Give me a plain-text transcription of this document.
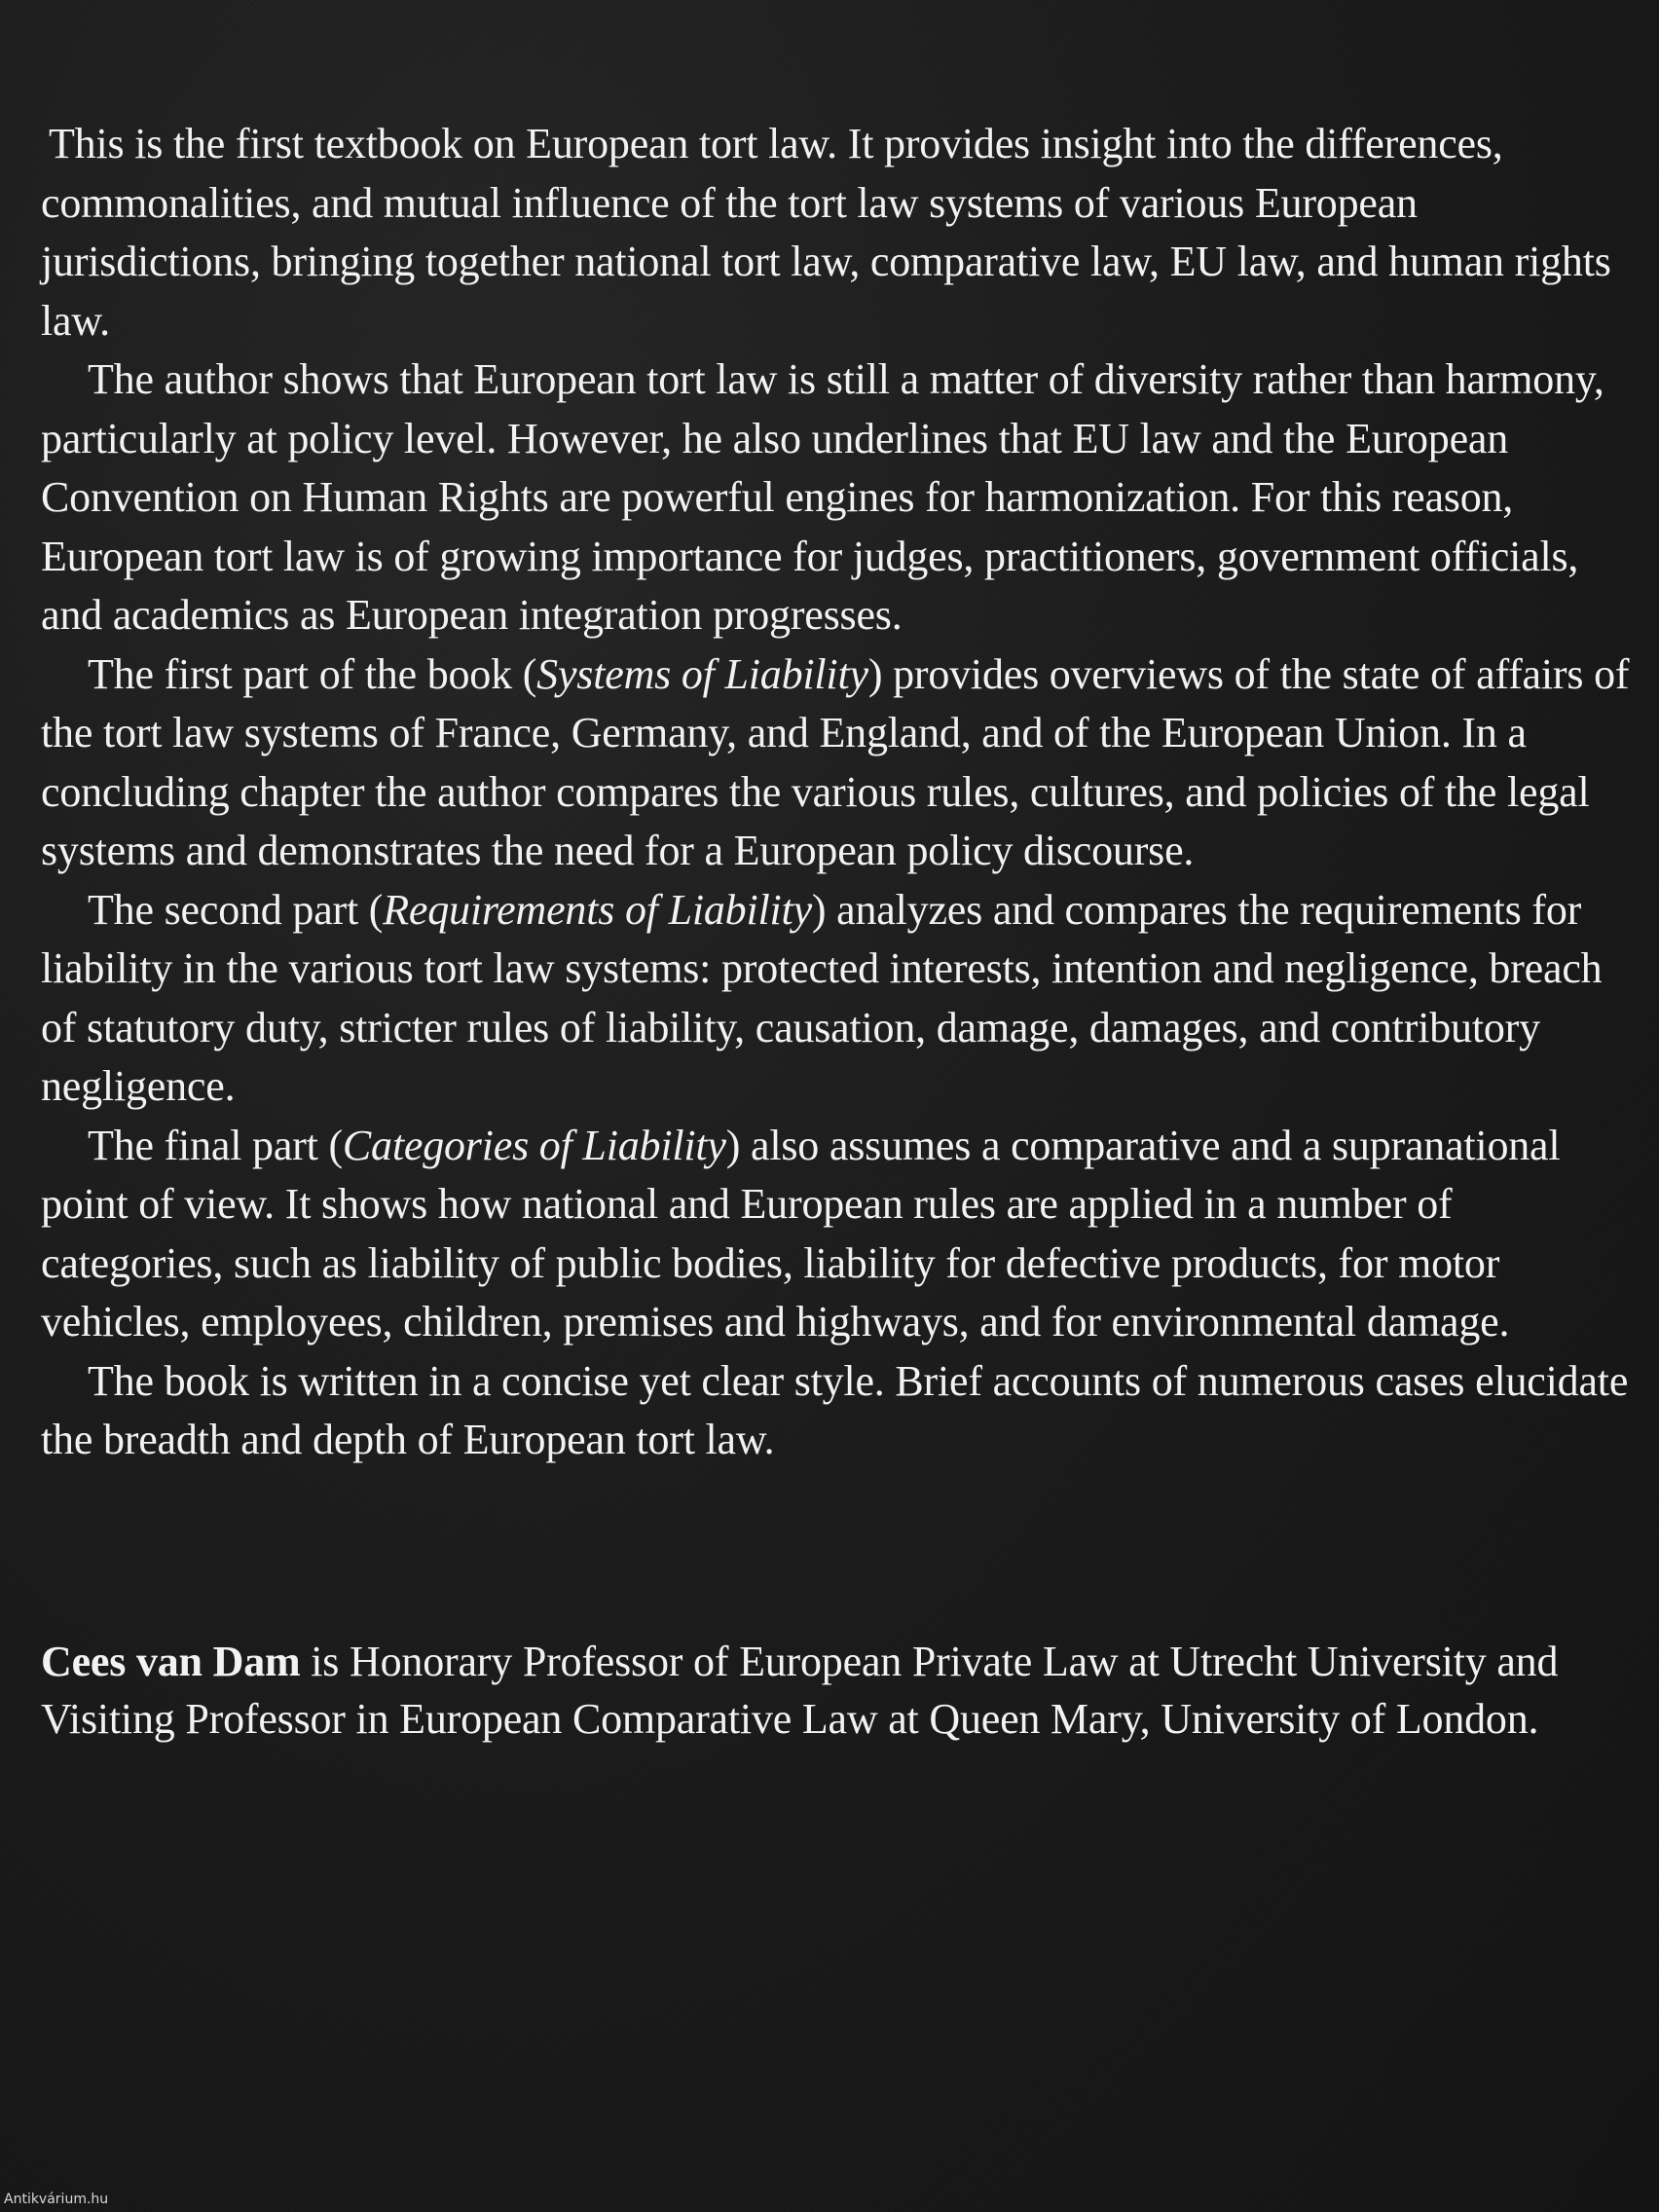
This is the first textbook on European tort law. It provides insight into the differences, commonalities, and mutual influence of the tort law systems of various European jurisdictions, bringing together national tort law, comparative law, EU law, and human rights law.

The author shows that European tort law is still a matter of diversity rather than harmony, particularly at policy level. However, he also underlines that EU law and the European Convention on Human Rights are powerful engines for harmonization. For this reason, European tort law is of growing importance for judges, practitioners, government officials, and academics as European integration progresses.

The first part of the book (Systems of Liability) provides overviews of the state of affairs of the tort law systems of France, Germany, and England, and of the European Union. In a concluding chapter the author compares the various rules, cultures, and policies of the legal systems and demonstrates the need for a European policy discourse.

The second part (Requirements of Liability) analyzes and compares the requirements for liability in the various tort law systems: protected interests, intention and negligence, breach of statutory duty, stricter rules of liability, causation, damage, damages, and contributory negligence.

The final part (Categories of Liability) also assumes a comparative and a supranational point of view. It shows how national and European rules are applied in a number of categories, such as liability of public bodies, liability for defective products, for motor vehicles, employees, children, premises and highways, and for environmental damage.

The book is written in a concise yet clear style. Brief accounts of numerous cases elucidate the breadth and depth of European tort law.

Cees van Dam is Honorary Professor of European Private Law at Utrecht University and Visiting Professor in European Comparative Law at Queen Mary, University of London.

Antikvárium.hu
